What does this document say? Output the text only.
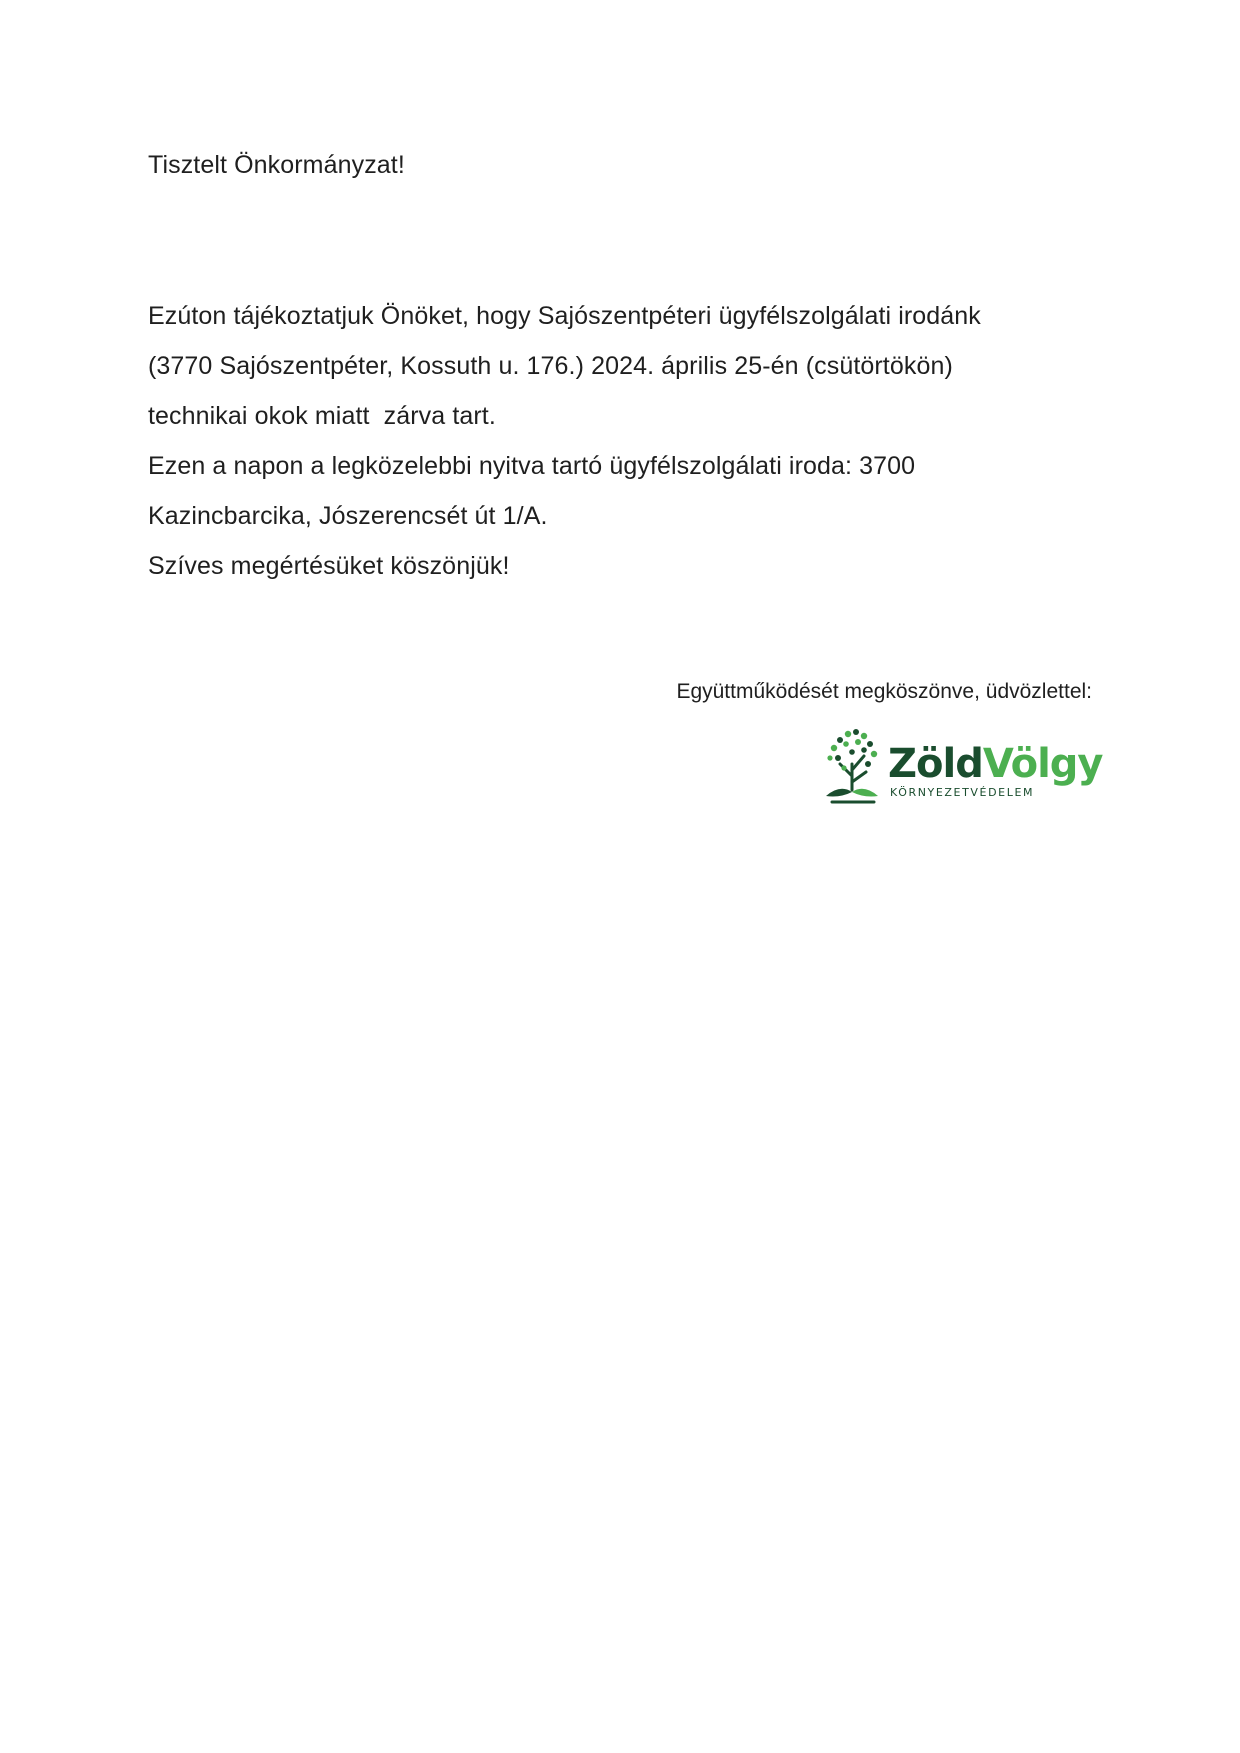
Tisztelt Önkormányzat!

Ezúton tájékoztatjuk Önöket, hogy Sajószentpéteri ügyfélszolgálati irodánk
(3770 Sajószentpéter, Kossuth u. 176.) 2024. április 25-én (csütörtökön)
technikai okok miatt  zárva tart.
Ezen a napon a legközelebbi nyitva tartó ügyfélszolgálati iroda: 3700
Kazincbarcika, Jószerencsét út 1/A.
Szíves megértésüket köszönjük!
Együttműködését megköszönve, üdvözlettel:
ZöldVölgy
KÖRNYEZETVÉDELEM
